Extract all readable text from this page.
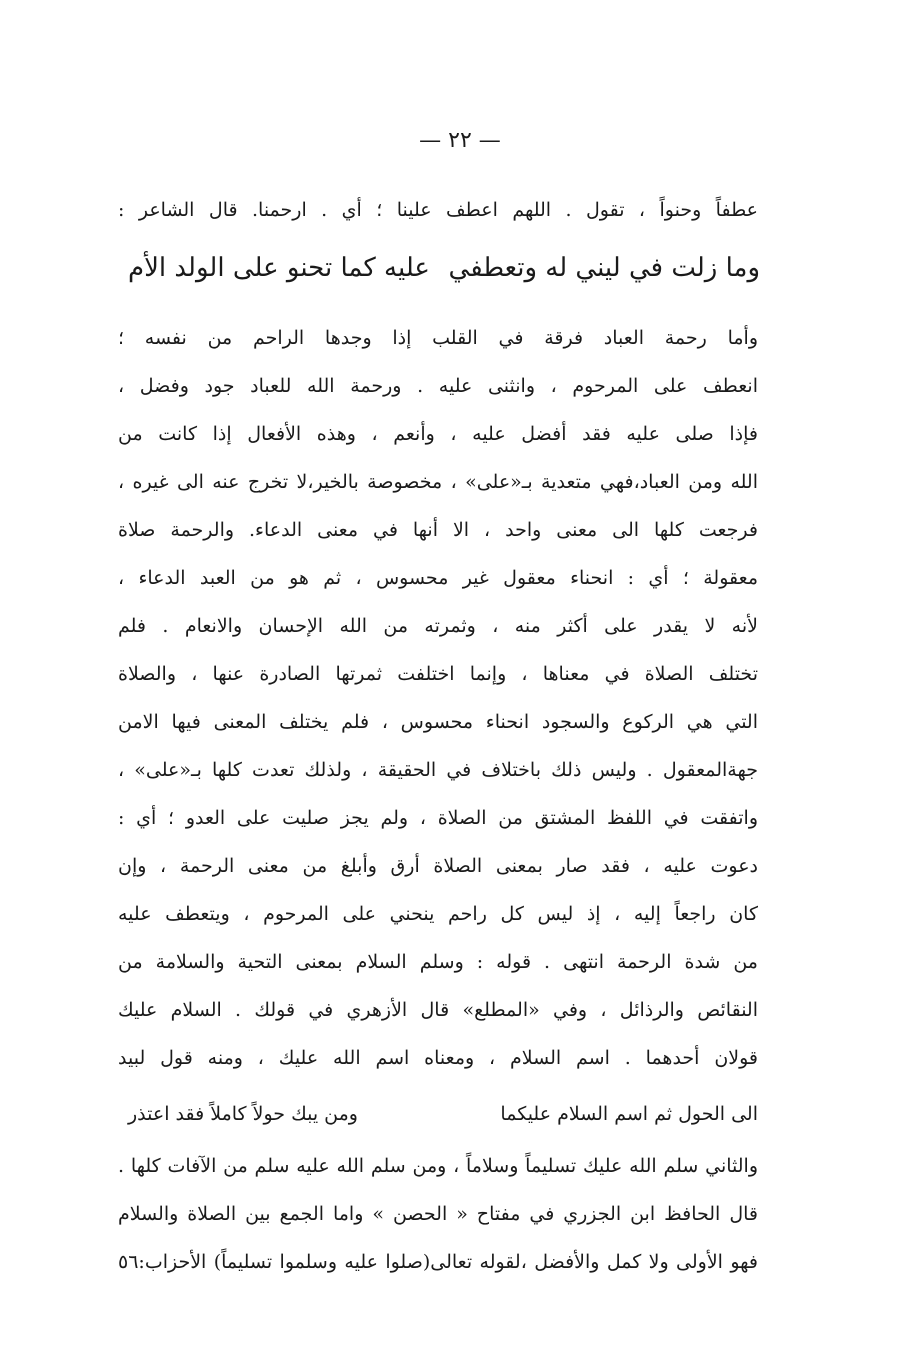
— ٢٢ —
عطفاً وحنواً ، تقول . اللهم اعطف علينا ؛ أي . ارحمنا. قال الشاعر :
وما زلت في ليني له وتعطفي
عليه كما تحنو على الولد الأم
وأما رحمة العباد فرقة في القلب إذا وجدها الراحم من نفسه ؛
انعطف على المرحوم ، وانثنى عليه . ورحمة الله للعباد جود وفضل ،
فإذا صلى عليه فقد أفضل عليه ، وأنعم ، وهذه الأفعال إذا كانت من
الله ومن العباد،فهي متعدية بـ«على» ، مخصوصة بالخير،لا تخرج عنه الى غيره ،
فرجعت كلها الى معنى واحد ، الا أنها في معنى الدعاء. والرحمة صلاة
معقولة ؛ أي : انحناء معقول غير محسوس ، ثم هو من العبد الدعاء ،
لأنه لا يقدر على أكثر منه ، وثمرته من الله الإحسان والانعام . فلم
تختلف الصلاة في معناها ، وإنما اختلفت ثمرتها الصادرة عنها ، والصلاة
التي هي الركوع والسجود انحناء محسوس ، فلم يختلف المعنى فيها الامن
جهةالمعقول . وليس ذلك باختلاف في الحقيقة ، ولذلك تعدت كلها بـ«على» ،
واتفقت في اللفظ المشتق من الصلاة ، ولم يجز صليت على العدو ؛ أي :
دعوت عليه ، فقد صار بمعنى الصلاة أرق وأبلغ من معنى الرحمة ، وإن
كان راجعاً إليه ، إذ ليس كل راحم ينحني على المرحوم ، ويتعطف عليه
من شدة الرحمة انتهى . قوله : وسلم السلام بمعنى التحية والسلامة من
النقائص والرذائل ، وفي «المطلع» قال الأزهري في قولك . السلام عليك
قولان أحدهما . اسم السلام ، ومعناه اسم الله عليك ، ومنه قول لبيد
الى الحول ثم اسم السلام عليكما
ومن يبك حولاً كاملاً فقد اعتذر
والثاني سلم الله عليك تسليماً وسلاماً ، ومن سلم الله عليه سلم من الآفات كلها .
قال الحافظ ابن الجزري في مفتاح « الحصن » واما الجمع بين الصلاة والسلام
فهو الأولى ولا كمل والأفضل ،لقوله تعالى(صلوا عليه وسلموا تسليماً) الأحزاب:٥٦
